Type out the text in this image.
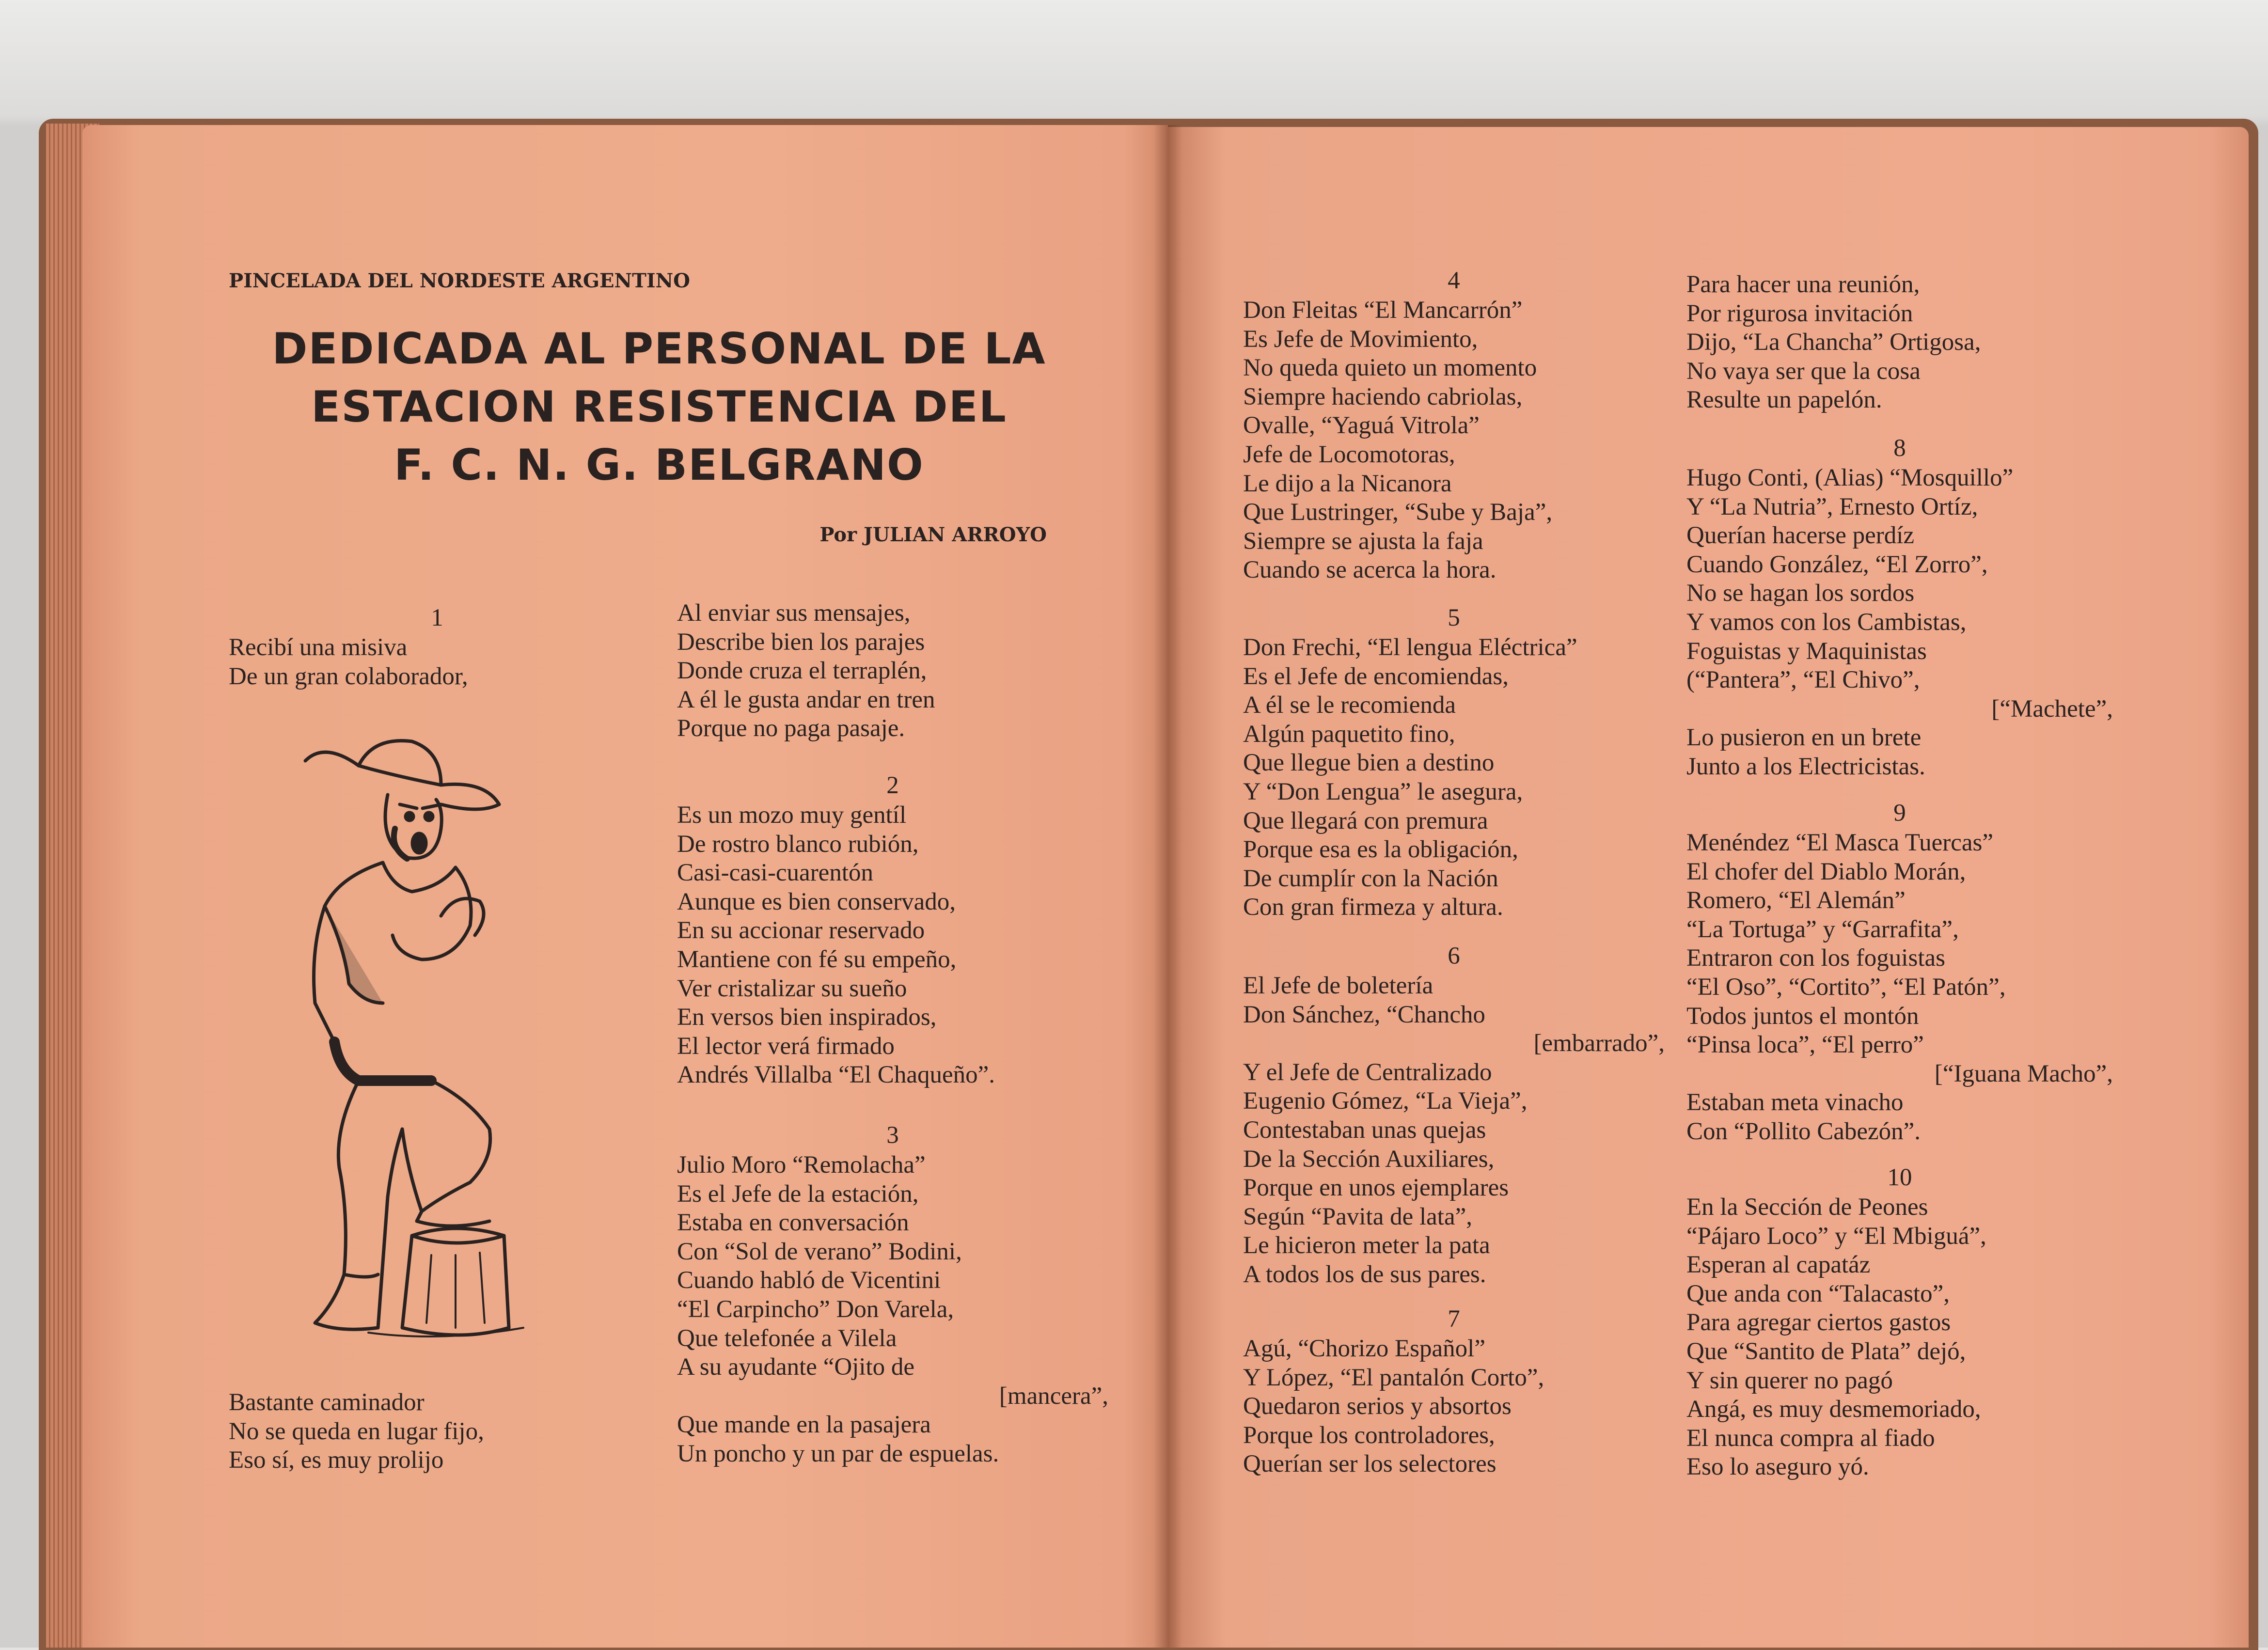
PINCELADA DEL NORDESTE ARGENTINO
DEDICADA AL PERSONAL DE LA
ESTACION RESISTENCIA DEL
F. C. N. G. BELGRANO
Por JULIAN ARROYO
1
Recibí una misiva
De un gran colaborador,
Bastante caminador
No se queda en lugar fijo,
Eso sí, es muy prolijo
Al enviar sus mensajes,
Describe bien los parajes
Donde cruza el terraplén,
A él le gusta andar en tren
Porque no paga pasaje.
2
Es un mozo muy gentíl
De rostro blanco rubión,
Casi-casi-cuarentón
Aunque es bien conservado,
En su accionar reservado
Mantiene con fé su empeño,
Ver cristalizar su sueño
En versos bien inspirados,
El lector verá firmado
Andrés Villalba “El Chaqueño”.
3
Julio Moro “Remolacha”
Es el Jefe de la estación,
Estaba en conversación
Con “Sol de verano” Bodini,
Cuando habló de Vicentini
“El Carpincho” Don Varela,
Que telefonée a Vilela
A su ayudante “Ojito de
[mancera”,
Que mande en la pasajera
Un poncho y un par de espuelas.
4
Don Fleitas “El Mancarrón”
Es Jefe de Movimiento,
No queda quieto un momento
Siempre haciendo cabriolas,
Ovalle, “Yaguá Vitrola”
Jefe de Locomotoras,
Le dijo a la Nicanora
Que Lustringer, “Sube y Baja”,
Siempre se ajusta la faja
Cuando se acerca la hora.
5
Don Frechi, “El lengua Eléctrica”
Es el Jefe de encomiendas,
A él se le recomienda
Algún paquetito fino,
Que llegue bien a destino
Y “Don Lengua” le asegura,
Que llegará con premura
Porque esa es la obligación,
De cumplír con la Nación
Con gran firmeza y altura.
6
El Jefe de boletería
Don Sánchez, “Chancho
[embarrado”,
Y el Jefe de Centralizado
Eugenio Gómez, “La Vieja”,
Contestaban unas quejas
De la Sección Auxiliares,
Porque en unos ejemplares
Según “Pavita de lata”,
Le hicieron meter la pata
A todos los de sus pares.
7
Agú, “Chorizo Español”
Y López, “El pantalón Corto”,
Quedaron serios y absortos
Porque los controladores,
Querían ser los selectores
Para hacer una reunión,
Por rigurosa invitación
Dijo, “La Chancha” Ortigosa,
No vaya ser que la cosa
Resulte un papelón.
8
Hugo Conti, (Alias) “Mosquillo”
Y “La Nutria”, Ernesto Ortíz,
Querían hacerse perdíz
Cuando González, “El Zorro”,
No se hagan los sordos
Y vamos con los Cambistas,
Foguistas y Maquinistas
(“Pantera”, “El Chivo”,
[“Machete”,
Lo pusieron en un brete
Junto a los Electricistas.
9
Menéndez “El Masca Tuercas”
El chofer del Diablo Morán,
Romero, “El Alemán”
“La Tortuga” y “Garrafita”,
Entraron con los foguistas
“El Oso”, “Cortito”, “El Patón”,
Todos juntos el montón
“Pinsa loca”, “El perro”
[“Iguana Macho”,
Estaban meta vinacho
Con “Pollito Cabezón”.
10
En la Sección de Peones
“Pájaro Loco” y “El Mbiguá”,
Esperan al capatáz
Que anda con “Talacasto”,
Para agregar ciertos gastos
Que “Santito de Plata” dejó,
Y sin querer no pagó
Angá, es muy desmemoriado,
El nunca compra al fiado
Eso lo aseguro yó.
